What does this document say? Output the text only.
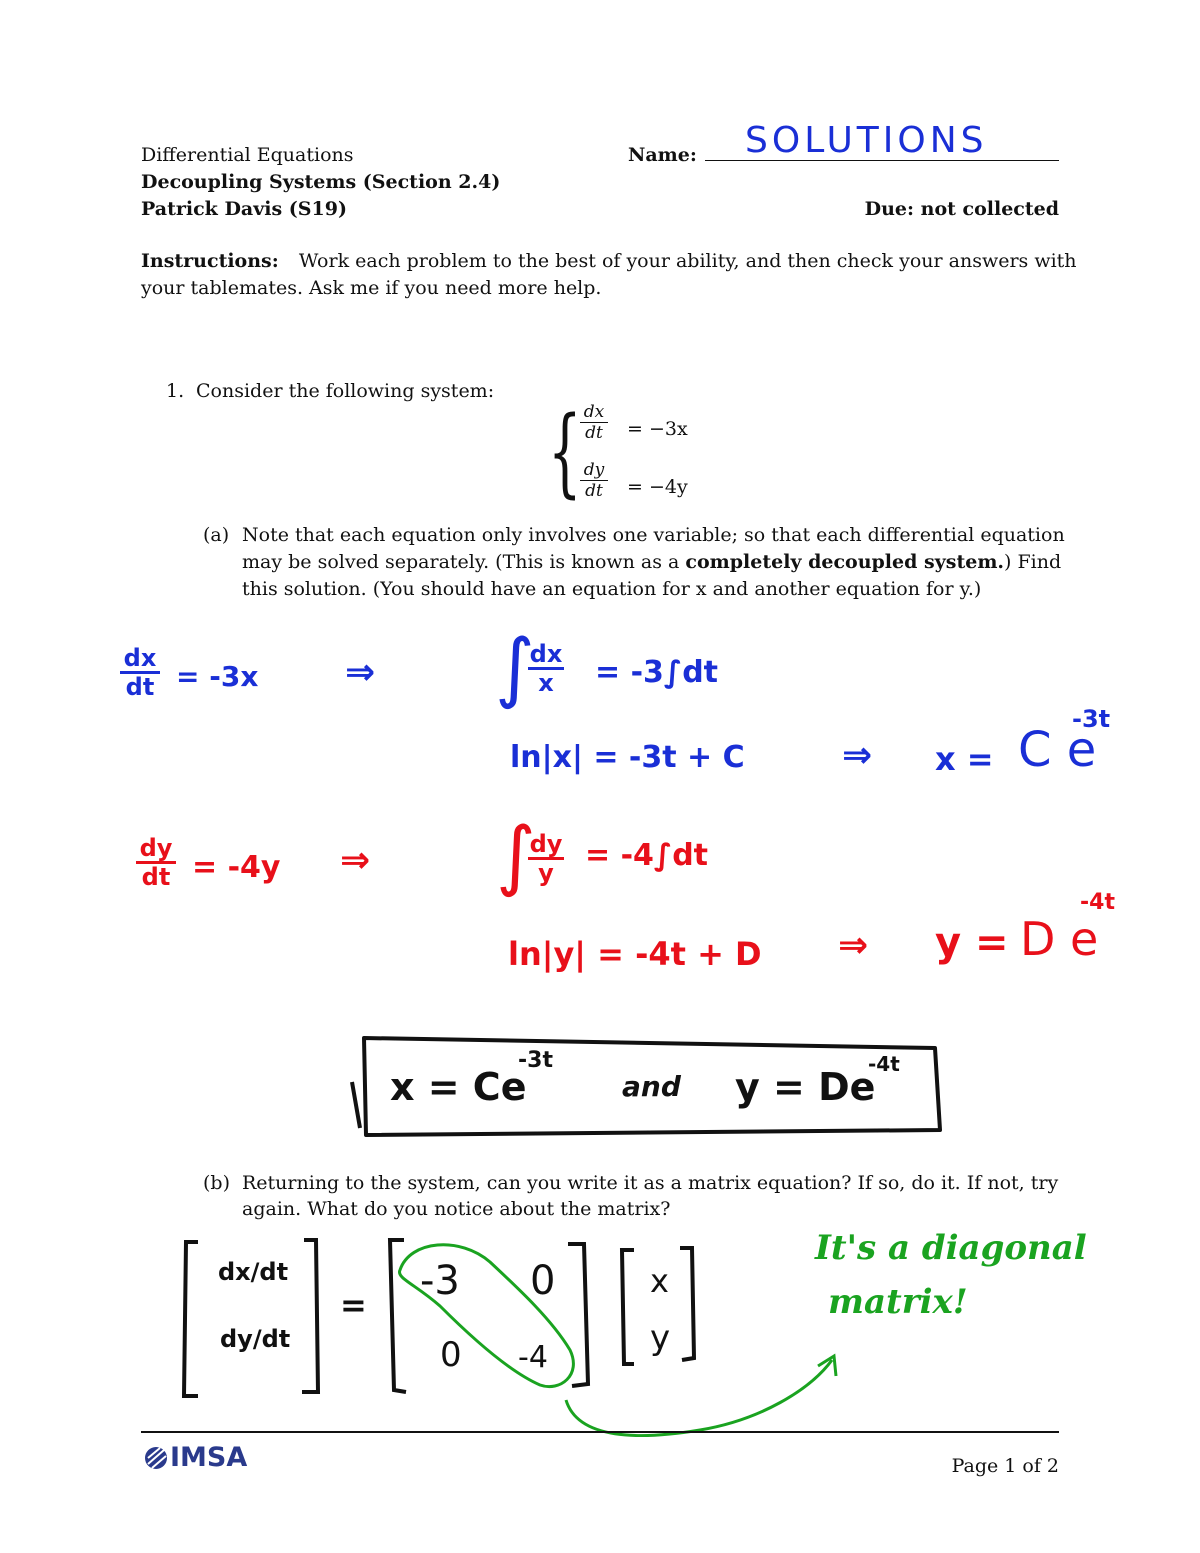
Differential Equations
Decoupling Systems (Section 2.4)
Patrick Davis (S19)
Name: SOLUTIONS
Due: not collected
Instructions: Work each problem to the best of your ability, and then check your answers with
your tablemates. Ask me if you need more help.
1. Consider the following system:
{ dx
dt = −3x
dy
dt = −4y
(a) Note that each equation only involves one variable; so that each differential equation
may be solved separately. (This is known as a completely decoupled system.) Find
this solution. (You should have an equation for x and another equation for y.)
dx
dt = -3x ⇒ ∫
dx
x	= -3∫dt
ln|x| = -3t + C	⇒ x = C e
-3t
dy
dt = -4y ⇒ ∫
dy
y	= -4∫dt
ln|y| = -4t + D ⇒ y = D e
-4t
x = Ce
-3t
and y = De
-4t
(b) Returning to the system, can you write it as a matrix equation? If so, do it. If not, try
again. What do you notice about the matrix?
dx/dt
dy/dt
=
-3 0
0 -4
x
y
It's a diagonal
matrix!
IMSA	Page 1 of 2
